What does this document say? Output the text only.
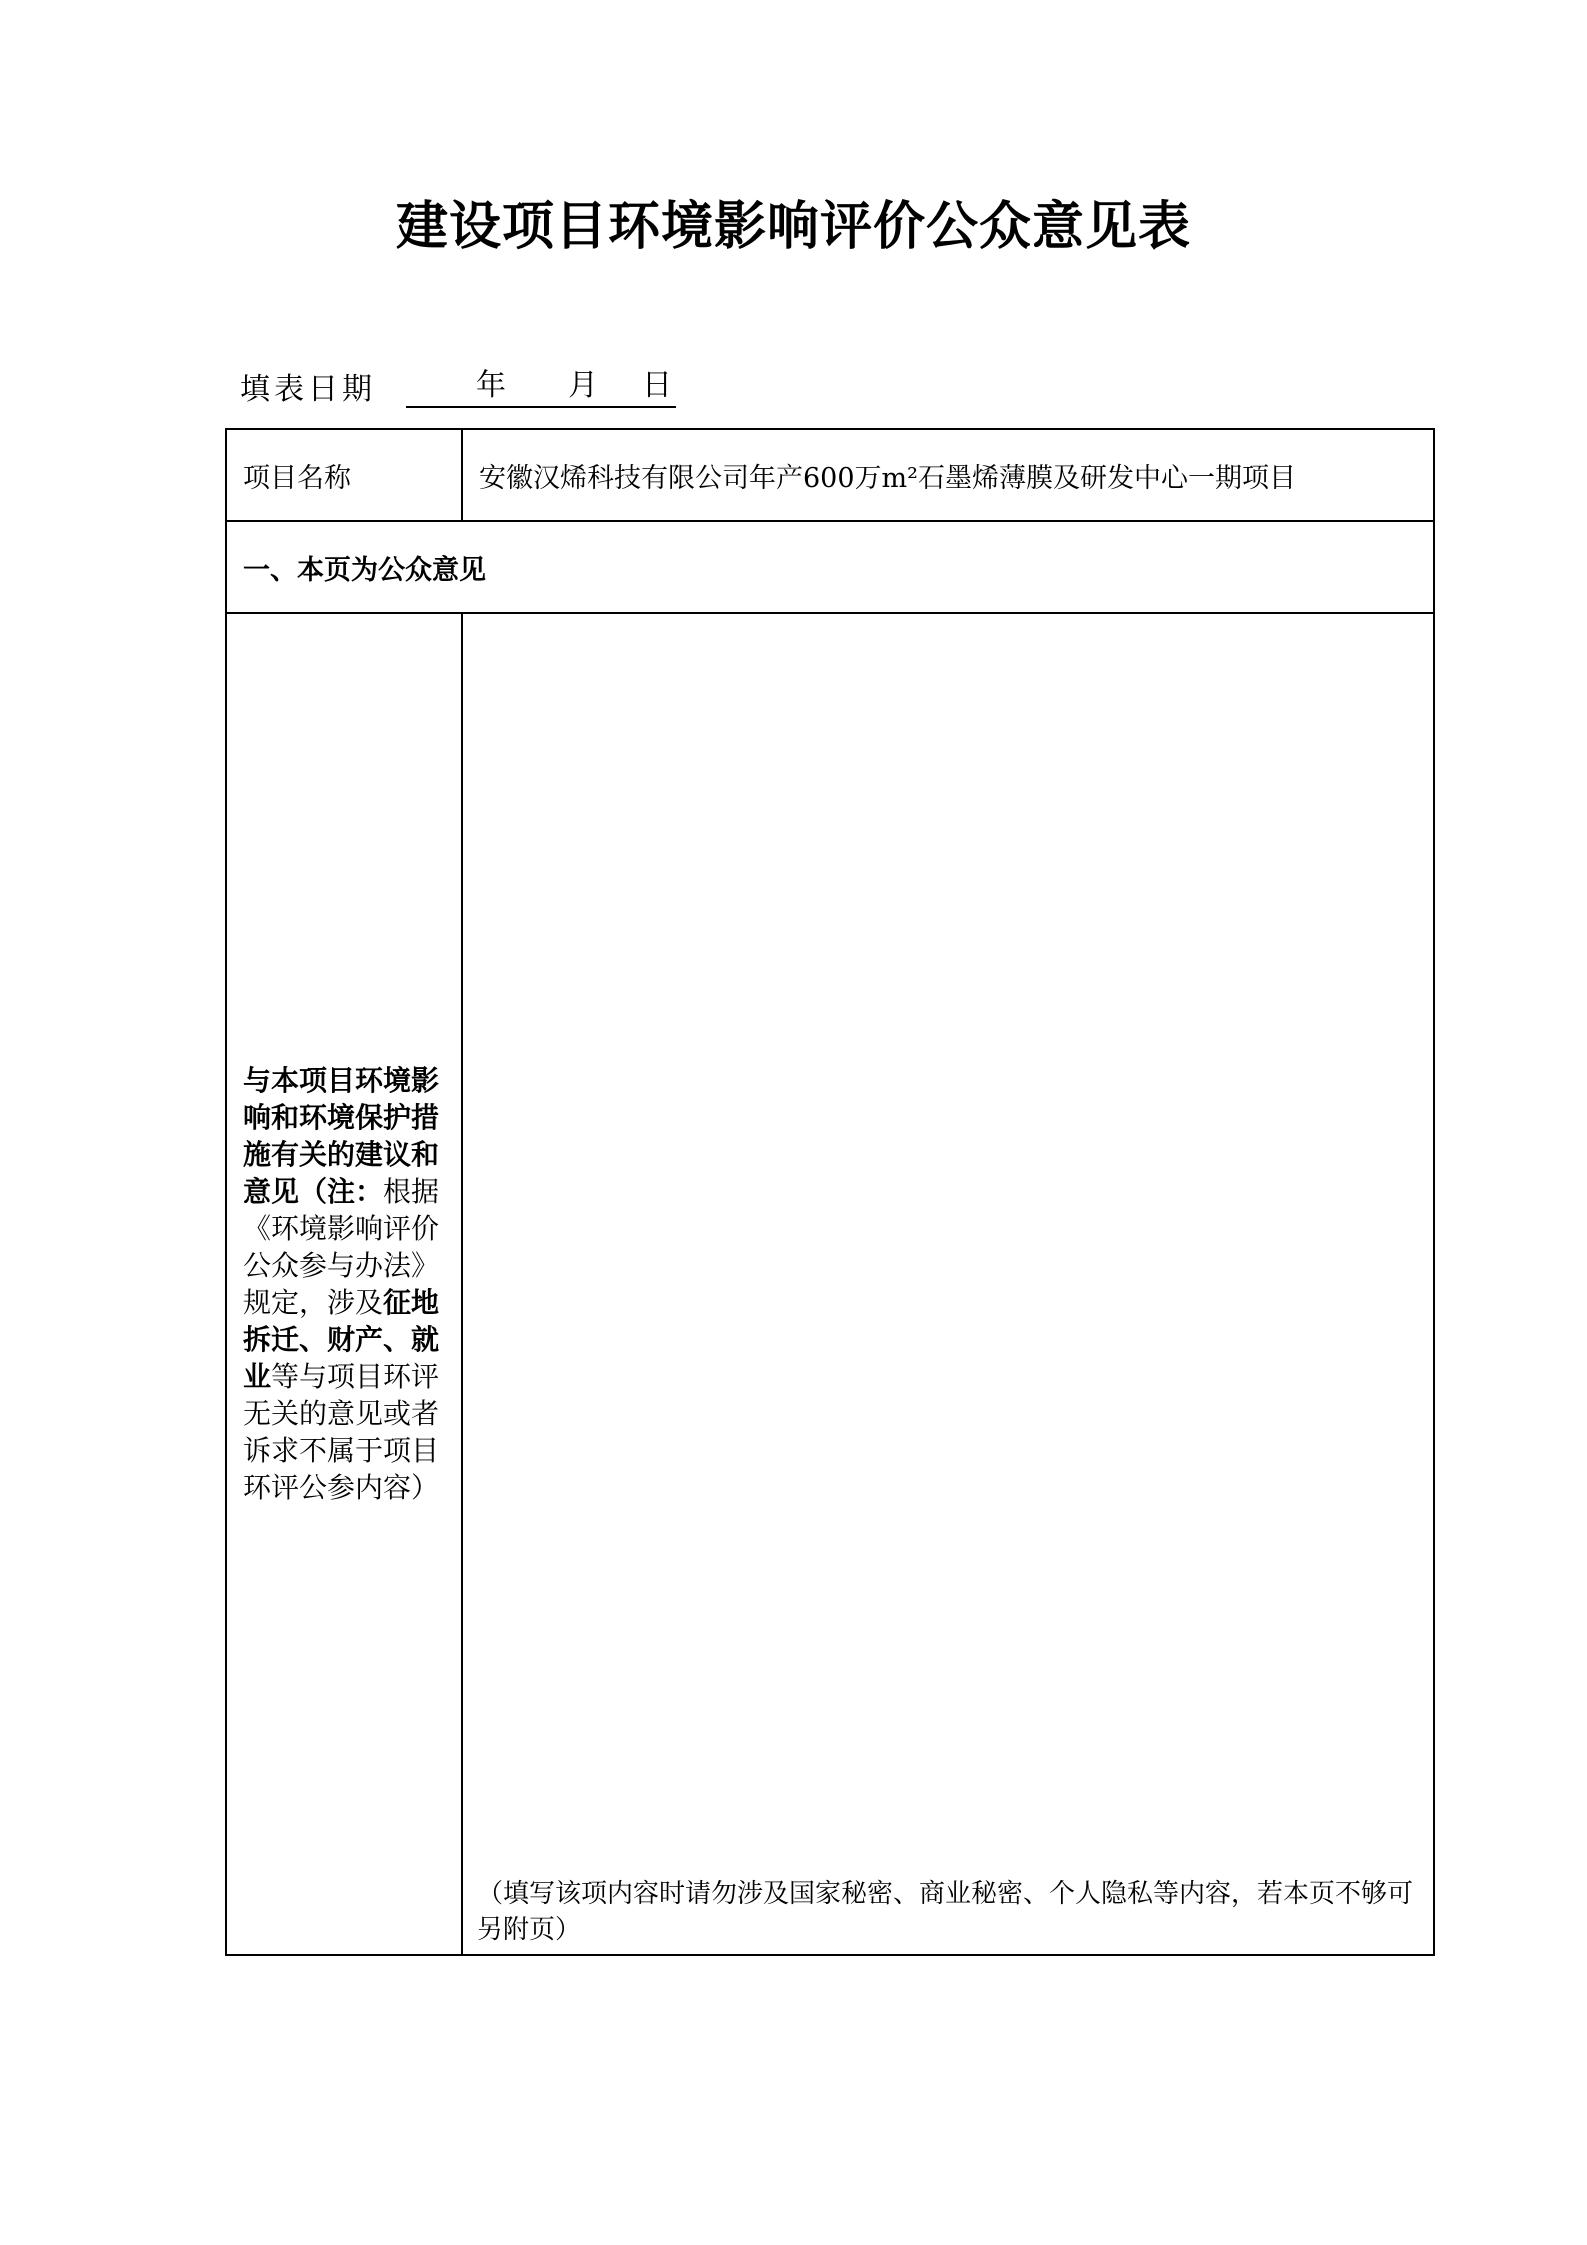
建设项目环境影响评价公众意见表
填表日期	年 月 日
项目名称	安徽汉烯科技有限公司年产600万m²石墨烯薄膜及研发中心一期项目
一、本页为公众意见	

与本项目环境影响和环境保护措施有关的建议和意见（注：根据《环境影响评价公众参与办法》规定，涉及征地拆迁、财产、就业等与项目环评无关的意见或者诉求不属于项目环评公参内容）	（填写该项内容时请勿涉及国家秘密、商业秘密、个人隐私等内容，若本页不够可另附页）
